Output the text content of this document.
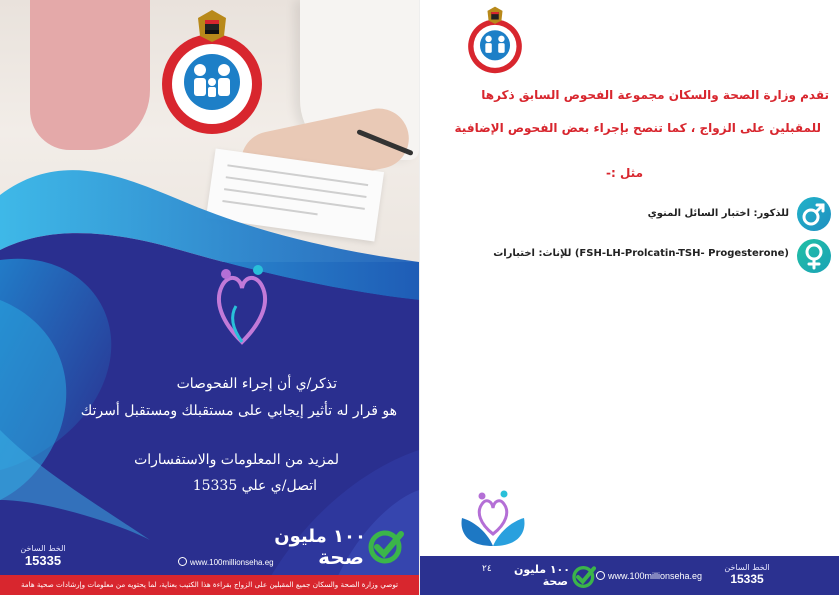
تذكر/ي أن إجراء الفحوصات
هو قرار له تأثير إيجابي على مستقبلك ومستقبل أسرتك
لمزيد من المعلومات والاستفسارات
اتصل/ي علي 15335
١٠٠ مليون
صحة
www.100millionseha.eg
الخط الساخن
15335
توصي وزارة الصحة والسكان جميع المقبلين على الزواج بقراءة هذا الكتيب بعناية، لما يحتويه من معلومات وإرشادات صحية هامة
تقدم وزارة الصحة والسكان مجموعة الفحوص السابق ذكرها
للمقبلين على الزواج ، كما تنصح بإجراء بعض الفحوص الإضافية
مثل :-
للذكور: اختبار السائل المنوي
للإناث: اختبارات (FSH-LH-Prolcatin-TSH- Progesterone)
٢٤ ١٠٠ مليون
صحة	www.100millionseha.eg
الخط الساخن
15335
